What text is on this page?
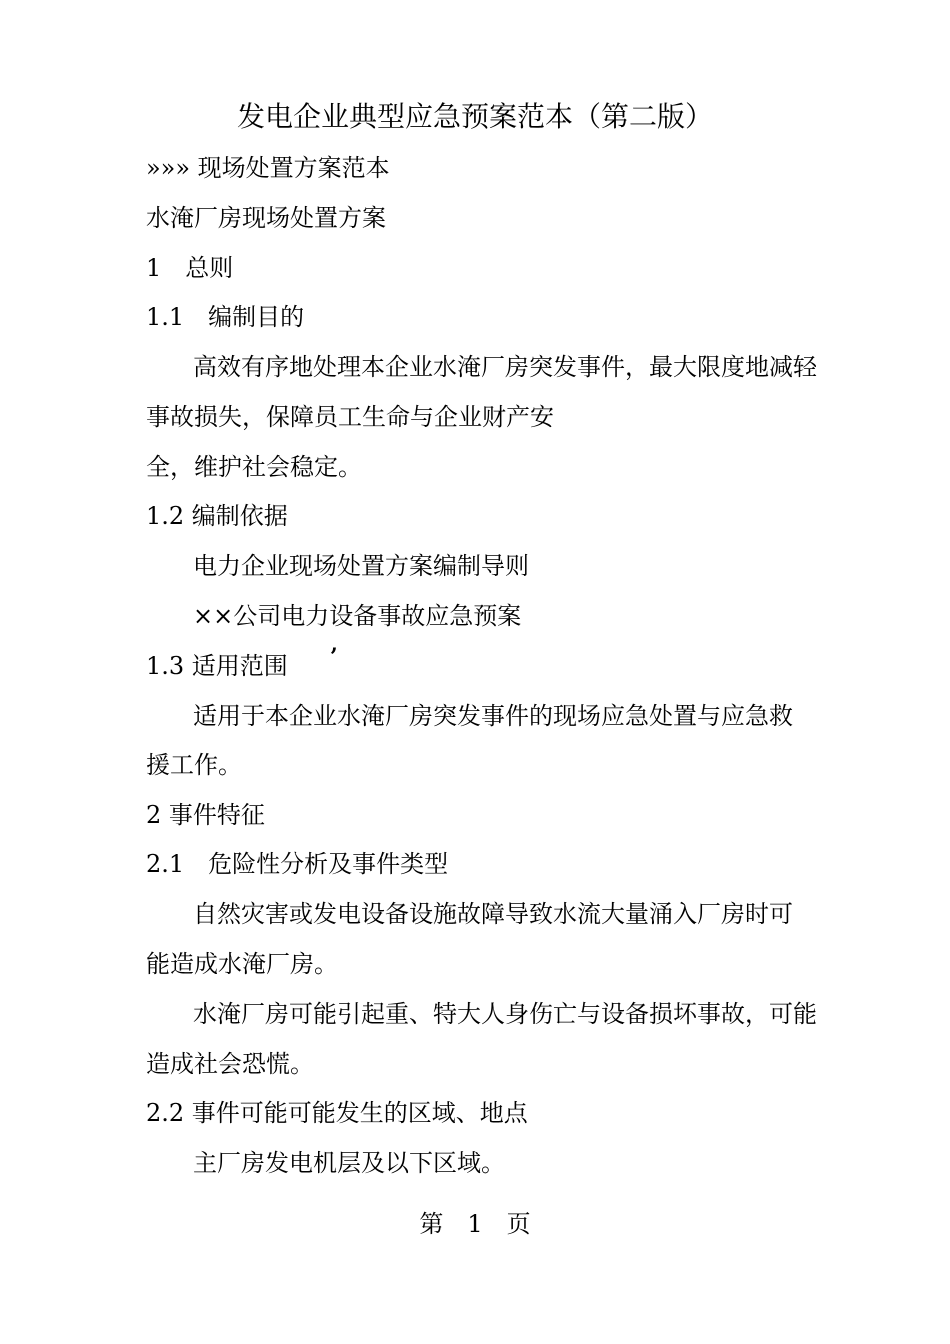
发电企业典型应急预案范本（第二版）
»»» 现场处置方案范本
水淹厂房现场处置方案
1　总则
1.1　编制目的
高效有序地处理本企业水淹厂房突发事件，最大限度地减轻
事故损失，保障员工生命与企业财产安
全，维护社会稳定。
1.2 编制依据
电力企业现场处置方案编制导则
××公司电力设备事故应急预案
1.3 适用范围 ’
适用于本企业水淹厂房突发事件的现场应急处置与应急救
援工作。
2 事件特征
2.1　危险性分析及事件类型
自然灾害或发电设备设施故障导致水流大量涌入厂房时可
能造成水淹厂房。
水淹厂房可能引起重、特大人身伤亡与设备损坏事故，可能
造成社会恐慌。
2.2 事件可能可能发生的区域、地点
主厂房发电机层及以下区域。
第　1　页
